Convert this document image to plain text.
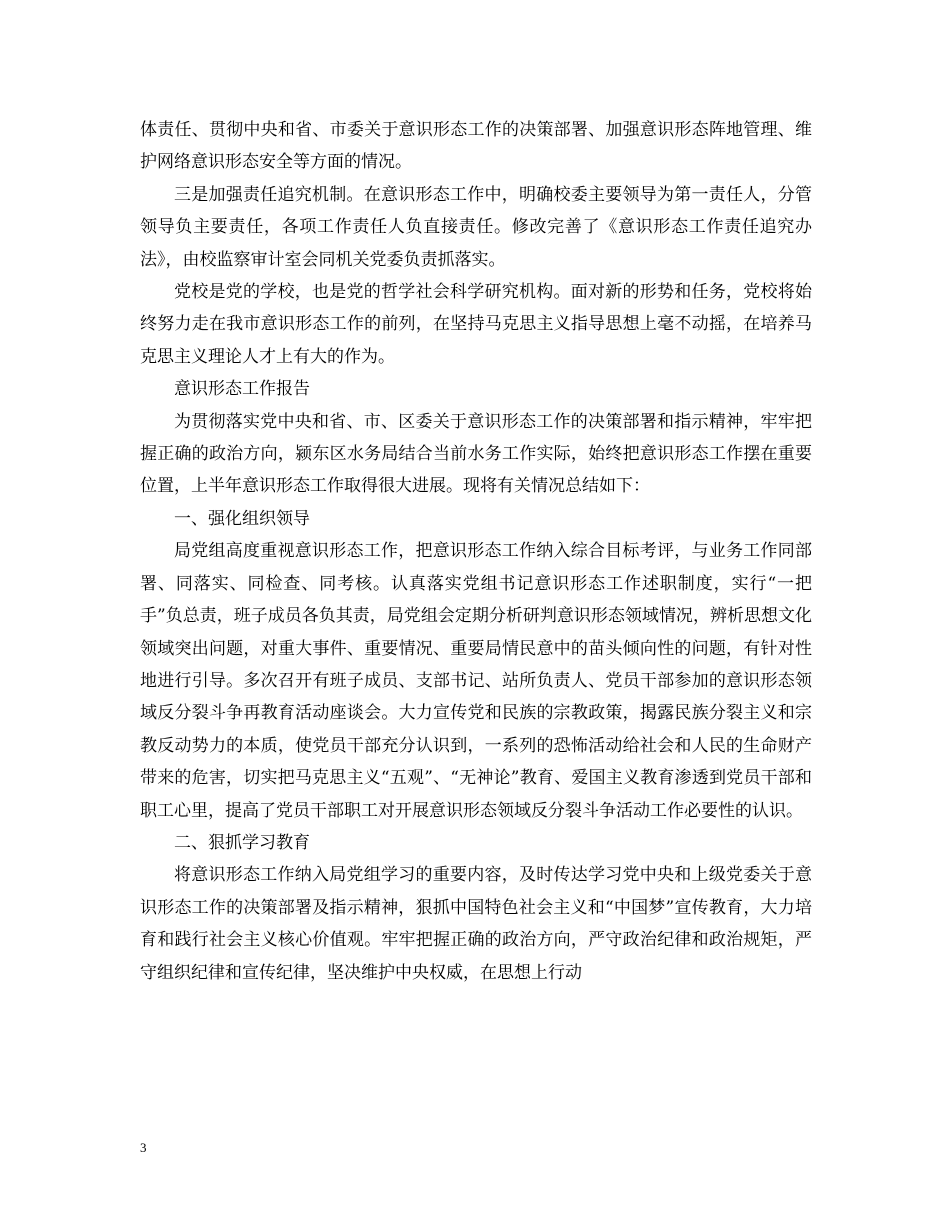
体责任、贯彻中央和省、市委关于意识形态工作的决策部署、加强意识形态阵地管理、维护网络意识形态安全等方面的情况。

三是加强责任追究机制。在意识形态工作中，明确校委主要领导为第一责任人，分管领导负主要责任，各项工作责任人负直接责任。修改完善了《意识形态工作责任追究办法》，由校监察审计室会同机关党委负责抓落实。

党校是党的学校，也是党的哲学社会科学研究机构。面对新的形势和任务，党校将始终努力走在我市意识形态工作的前列，在坚持马克思主义指导思想上毫不动摇，在培养马克思主义理论人才上有大的作为。

意识形态工作报告

为贯彻落实党中央和省、市、区委关于意识形态工作的决策部署和指示精神，牢牢把握正确的政治方向，颍东区水务局结合当前水务工作实际，始终把意识形态工作摆在重要位置，上半年意识形态工作取得很大进展。现将有关情况总结如下：

一、强化组织领导

局党组高度重视意识形态工作，把意识形态工作纳入综合目标考评，与业务工作同部署、同落实、同检查、同考核。认真落实党组书记意识形态工作述职制度，实行“一把手”负总责，班子成员各负其责，局党组会定期分析研判意识形态领域情况，辨析思想文化领域突出问题，对重大事件、重要情况、重要局情民意中的苗头倾向性的问题，有针对性地进行引导。多次召开有班子成员、支部书记、站所负责人、党员干部参加的意识形态领域反分裂斗争再教育活动座谈会。大力宣传党和民族的宗教政策，揭露民族分裂主义和宗教反动势力的本质，使党员干部充分认识到，一系列的恐怖活动给社会和人民的生命财产带来的危害，切实把马克思主义“五观”、“无神论”教育、爱国主义教育渗透到党员干部和职工心里，提高了党员干部职工对开展意识形态领域反分裂斗争活动工作必要性的认识。

二、狠抓学习教育

将意识形态工作纳入局党组学习的重要内容，及时传达学习党中央和上级党委关于意识形态工作的决策部署及指示精神，狠抓中国特色社会主义和“中国梦”宣传教育，大力培育和践行社会主义核心价值观。牢牢把握正确的政治方向，严守政治纪律和政治规矩，严守组织纪律和宣传纪律，坚决维护中央权威，在思想上行动

3
